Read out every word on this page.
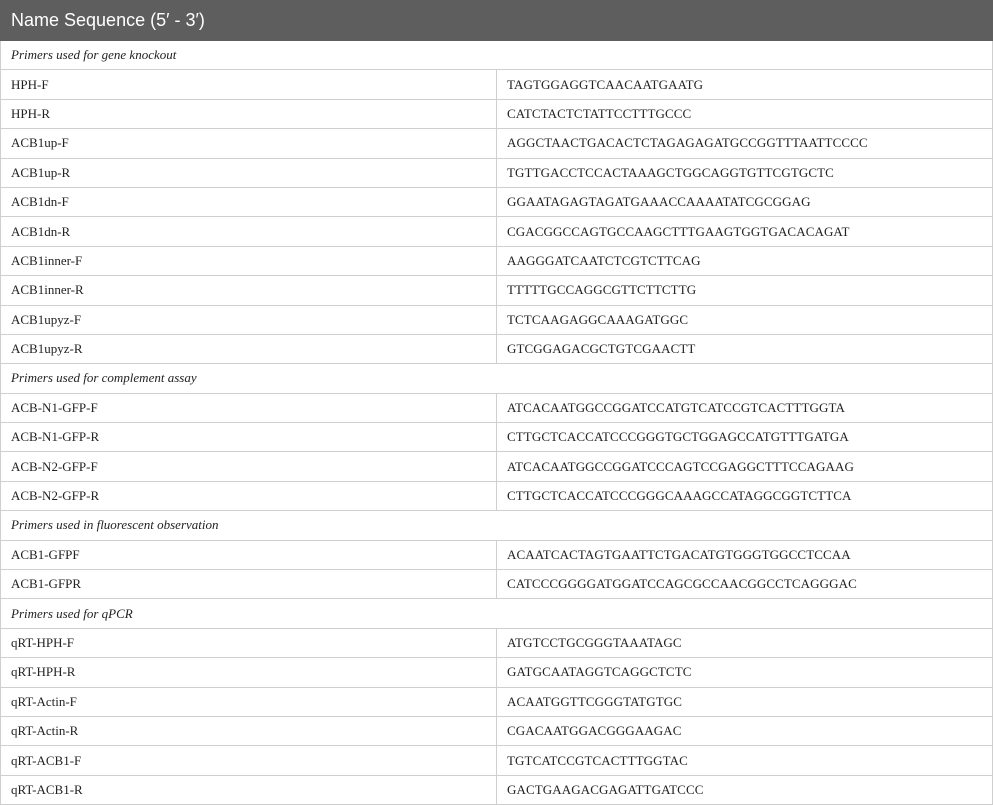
Name Sequence (5′ - 3′)	
Primers used for gene knockout	
HPH-F	TAGTGGAGGTCAACAATGAATG
HPH-R	CATCTACTCTATTCCTTTGCCC
ACB1up-F	AGGCTAACTGACACTCTAGAGAGATGCCGGTTTAATTCCCC
ACB1up-R	TGTTGACCTCCACTAAAGCTGGCAGGTGTTCGTGCTC
ACB1dn-F	GGAATAGAGTAGATGAAACCAAAATATCGCGGAG
ACB1dn-R	CGACGGCCAGTGCCAAGCTTTGAAGTGGTGACACAGAT
ACB1inner-F	AAGGGATCAATCTCGTCTTCAG
ACB1inner-R	TTTTTGCCAGGCGTTCTTCTTG
ACB1upyz-F	TCTCAAGAGGCAAAGATGGC
ACB1upyz-R	GTCGGAGACGCTGTCGAACTT
Primers used for complement assay	
ACB-N1-GFP-F	ATCACAATGGCCGGATCCATGTCATCCGTCACTTTGGTA
ACB-N1-GFP-R	CTTGCTCACCATCCCGGGTGCTGGAGCCATGTTTGATGA
ACB-N2-GFP-F	ATCACAATGGCCGGATCCCAGTCCGAGGCTTTCCAGAAG
ACB-N2-GFP-R	CTTGCTCACCATCCCGGGCAAAGCCATAGGCGGTCTTCA
Primers used in fluorescent observation	
ACB1-GFPF	ACAATCACTAGTGAATTCTGACATGTGGGTGGCCTCCAA
ACB1-GFPR	CATCCCGGGGATGGATCCAGCGCCAACGGCCTCAGGGAC
Primers used for qPCR	
qRT-HPH-F	ATGTCCTGCGGGTAAATAGC
qRT-HPH-R	GATGCAATAGGTCAGGCTCTC
qRT-Actin-F	ACAATGGTTCGGGTATGTGC
qRT-Actin-R	CGACAATGGACGGGAAGAC
qRT-ACB1-F	TGTCATCCGTCACTTTGGTAC
qRT-ACB1-R	GACTGAAGACGAGATTGATCCC
